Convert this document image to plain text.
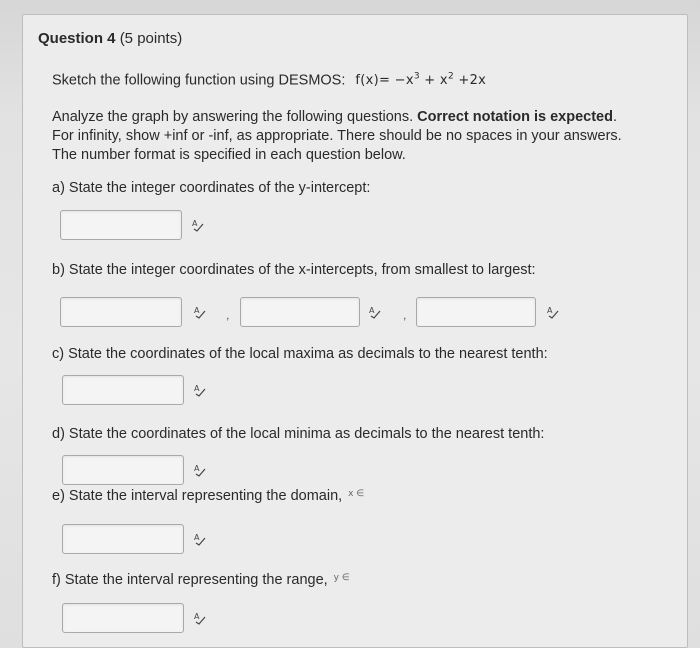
Question 4 (5 points)
Sketch the following function using DESMOS: $f(x)= -x^3 + x^2 +2x$
Analyze the graph by answering the following questions. Correct notation is expected. For infinity, show +inf or -inf, as appropriate. There should be no spaces in your answers. The number format is specified in each question below.
a) State the integer coordinates of the y-intercept:
A
b) State the integer coordinates of the x-intercepts, from smallest to largest:
A ,	A ,	A
c) State the coordinates of the local maxima as decimals to the nearest tenth:
A
d) State the coordinates of the local minima as decimals to the nearest tenth:
A
e) State the interval representing the domain, $^{x \in}$
A
f) State the interval representing the range, $^{y \in}$
A
